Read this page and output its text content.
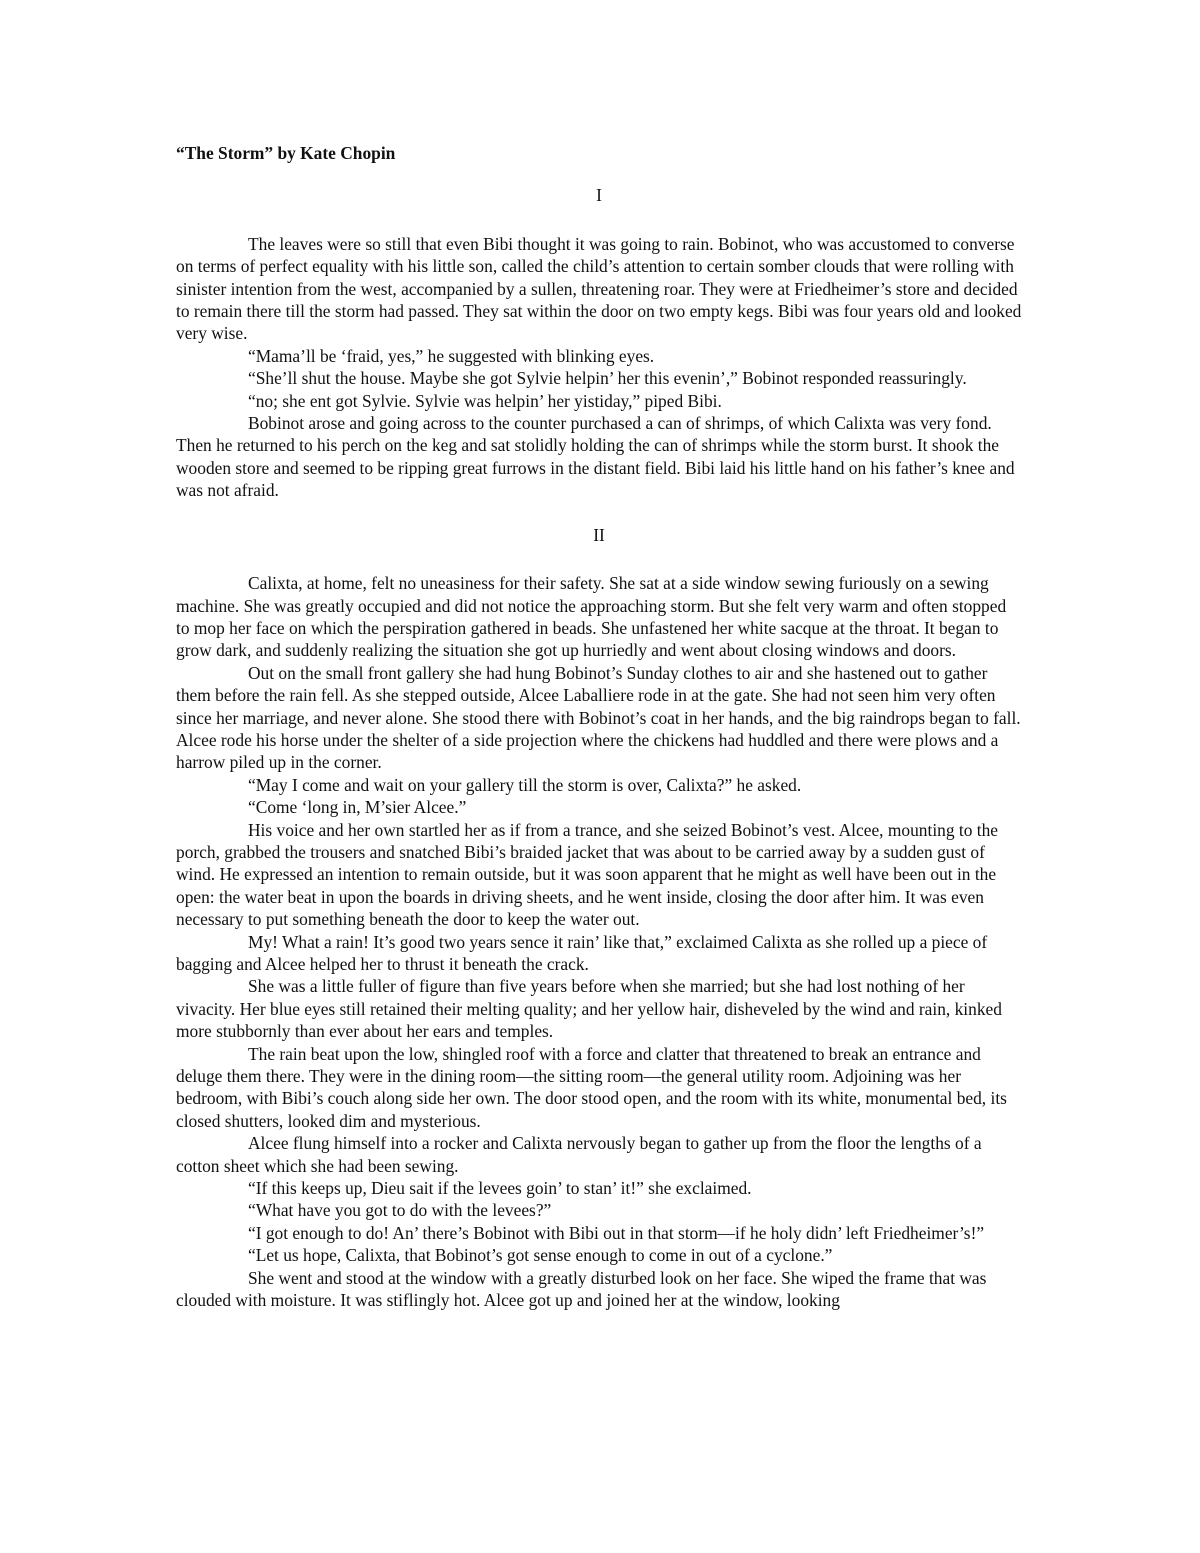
“The Storm” by Kate Chopin
I

The leaves were so still that even Bibi thought it was going to rain. Bobinot, who was accustomed to converse on terms of perfect equality with his little son, called the child’s attention to certain somber clouds that were rolling with sinister intention from the west, accompanied by a sullen, threatening roar. They were at Friedheimer’s store and decided to remain there till the storm had passed. They sat within the door on two empty kegs. Bibi was four years old and looked very wise.

“Mama’ll be ‘fraid, yes,” he suggested with blinking eyes.

“She’ll shut the house. Maybe she got Sylvie helpin’ her this evenin’,” Bobinot responded reassuringly.

“no; she ent got Sylvie. Sylvie was helpin’ her yistiday,” piped Bibi.

Bobinot arose and going across to the counter purchased a can of shrimps, of which Calixta was very fond. Then he returned to his perch on the keg and sat stolidly holding the can of shrimps while the storm burst. It shook the wooden store and seemed to be ripping great furrows in the distant field. Bibi laid his little hand on his father’s knee and was not afraid.

II

Calixta, at home, felt no uneasiness for their safety. She sat at a side window sewing furiously on a sewing machine. She was greatly occupied and did not notice the approaching storm. But she felt very warm and often stopped to mop her face on which the perspiration gathered in beads. She unfastened her white sacque at the throat. It began to grow dark, and suddenly realizing the situation she got up hurriedly and went about closing windows and doors.

Out on the small front gallery she had hung Bobinot’s Sunday clothes to air and she hastened out to gather them before the rain fell. As she stepped outside, Alcee Laballiere rode in at the gate. She had not seen him very often since her marriage, and never alone. She stood there with Bobinot’s coat in her hands, and the big raindrops began to fall. Alcee rode his horse under the shelter of a side projection where the chickens had huddled and there were plows and a harrow piled up in the corner.

“May I come and wait on your gallery till the storm is over, Calixta?” he asked.

“Come ‘long in, M’sier Alcee.”

His voice and her own startled her as if from a trance, and she seized Bobinot’s vest. Alcee, mounting to the porch, grabbed the trousers and snatched Bibi’s braided jacket that was about to be carried away by a sudden gust of wind. He expressed an intention to remain outside, but it was soon apparent that he might as well have been out in the open: the water beat in upon the boards in driving sheets, and he went inside, closing the door after him. It was even necessary to put something beneath the door to keep the water out.

My! What a rain! It’s good two years sence it rain’ like that,” exclaimed Calixta as she rolled up a piece of bagging and Alcee helped her to thrust it beneath the crack.

She was a little fuller of figure than five years before when she married; but she had lost nothing of her vivacity. Her blue eyes still retained their melting quality; and her yellow hair, disheveled by the wind and rain, kinked more stubbornly than ever about her ears and temples.

The rain beat upon the low, shingled roof with a force and clatter that threatened to break an entrance and deluge them there. They were in the dining room—the sitting room—the general utility room. Adjoining was her bedroom, with Bibi’s couch along side her own. The door stood open, and the room with its white, monumental bed, its closed shutters, looked dim and mysterious.

Alcee flung himself into a rocker and Calixta nervously began to gather up from the floor the lengths of a cotton sheet which she had been sewing.

“If this keeps up, Dieu sait if the levees goin’ to stan’ it!” she exclaimed.

“What have you got to do with the levees?”

“I got enough to do! An’ there’s Bobinot with Bibi out in that storm—if he holy didn’ left Friedheimer’s!”

“Let us hope, Calixta, that Bobinot’s got sense enough to come in out of a cyclone.”

She went and stood at the window with a greatly disturbed look on her face. She wiped the frame that was clouded with moisture. It was stiflingly hot. Alcee got up and joined her at the window, looking
